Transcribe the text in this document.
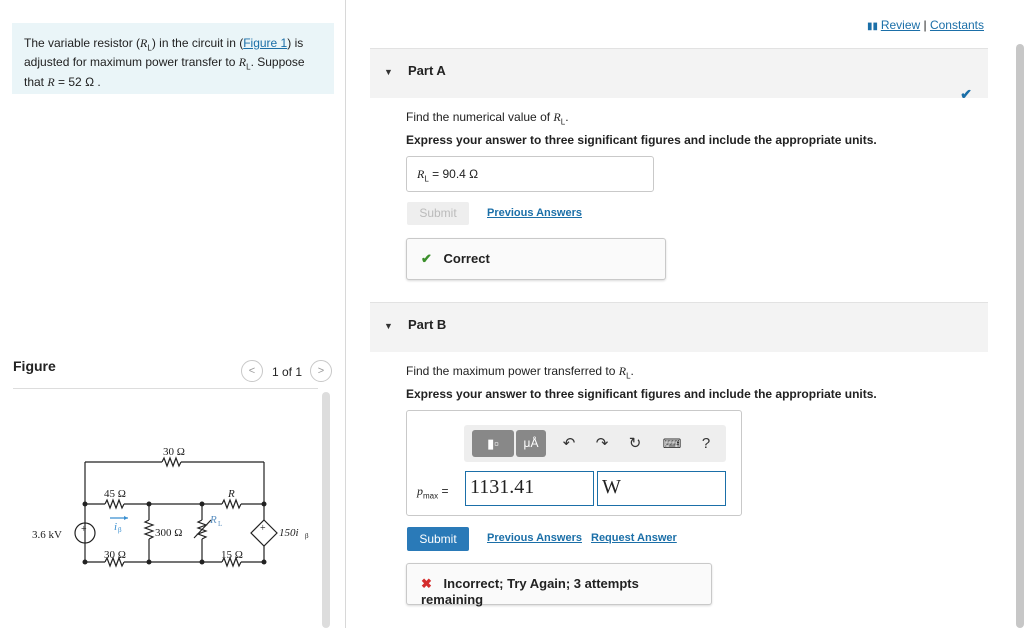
The variable resistor $(R_L)$ in the circuit in (Figure 1) is adjusted for maximum power transfer to $R_L$. Suppose that R = 52 Ω .
Figure	<	1 of 1	>
+	+
3.6 kV
30 Ω
45 Ω
30 Ω
300 Ω
R
R L
15 Ω
i β	150i β
▮▮ Review | Constants
▼ Part A
✔
Find the numerical value of $R_L$.
Express your answer to three significant figures and include the appropriate units.
$R_L = 90.4$ Ω
Submit	Previous Answers
✔ Correct
▼ Part B
Find the maximum power transferred to $R_L$.
Express your answer to three significant figures and include the appropriate units.
▮▫	μÅ	↶	↷	↻	⌨	?
$p_{max} = 1131.41$	W
Submit	Previous Answers Request Answer
✖ Incorrect; Try Again; 3 attempts remaining
